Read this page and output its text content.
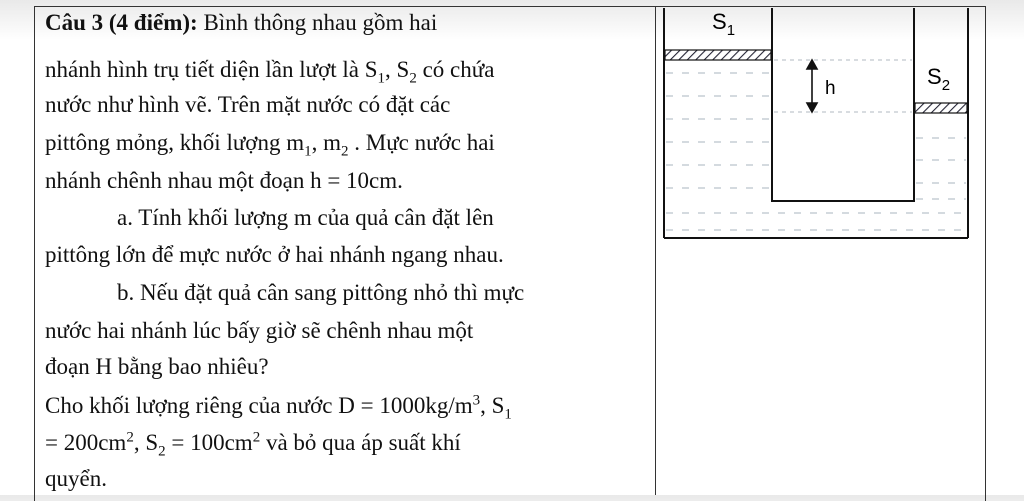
Câu 3 (4 điểm): Bình thông nhau gồm hai
nhánh hình trụ tiết diện lần lượt là $S_1$, $S_2$ có chứa
nước như hình vẽ. Trên mặt nước có đặt các
pittông mỏng, khối lượng $m_1$, $m_2$ . Mực nước hai
nhánh chênh nhau một đoạn h = 10cm.
a. Tính khối lượng m của quả cân đặt lên
pittông lớn để mực nước ở hai nhánh ngang nhau.
b. Nếu đặt quả cân sang pittông nhỏ thì mực
nước hai nhánh lúc bấy giờ sẽ chênh nhau một
đoạn H bằng bao nhiêu?
Cho khối lượng riêng của nước $D = 1000kg/m^3$, $S_1$
= $200cm^2$, $S_2 = 100cm^2$ và bỏ qua áp suất khí
quyển.
$S_1$
h	$S_2$
